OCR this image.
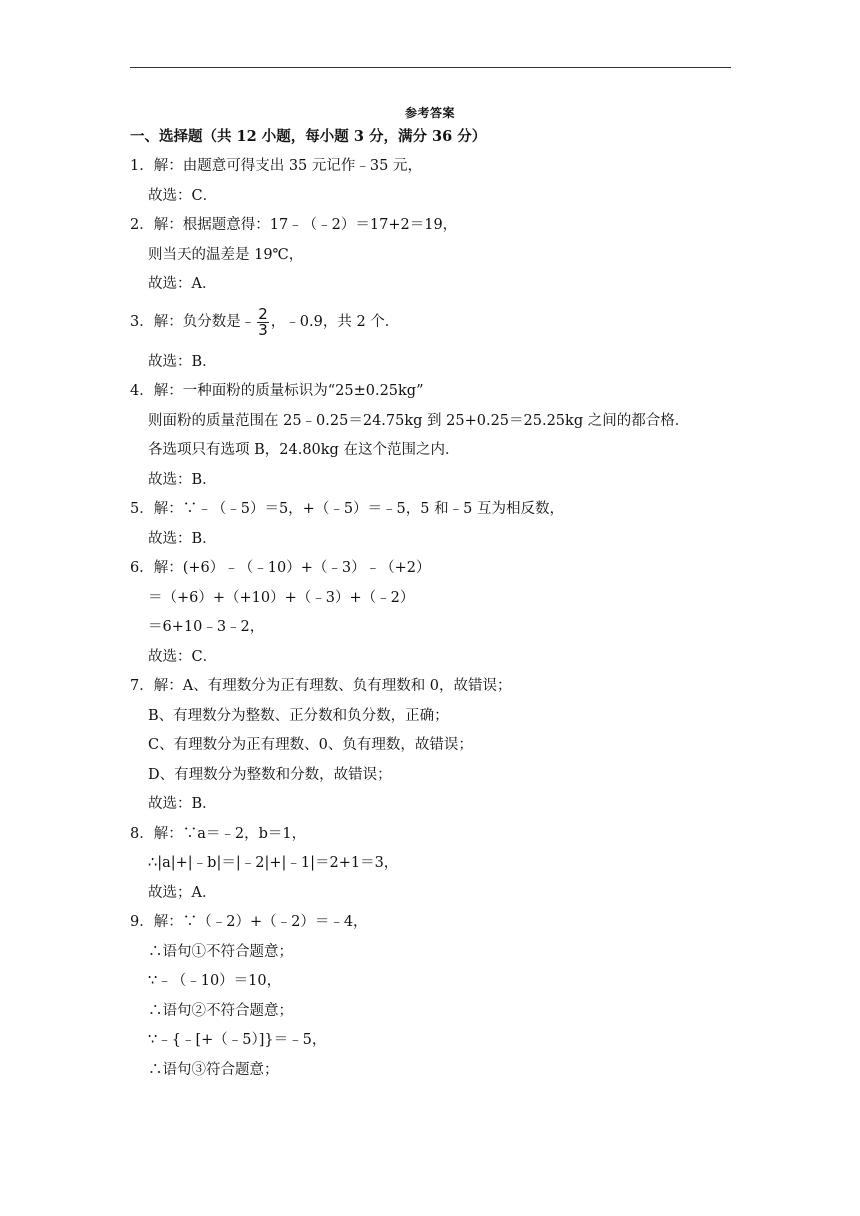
参考答案
一、选择题（共 12 小题，每小题 3 分，满分 36 分）
1．解：由题意可得支出 35 元记作﹣35 元，
故选：C．
2．解：根据题意得：17﹣（﹣2）＝17+2＝19，
则当天的温差是 19℃，
故选：A．
3．解：负分数是﹣ $\frac{2}{3}$ ，﹣0.9，共 2 个．
故选：B．
4．解：一种面粉的质量标识为“25±0.25kg”
则面粉的质量范围在 25﹣0.25＝24.75kg 到 25+0.25＝25.25kg 之间的都合格．
各选项只有选项 B，24.80kg 在这个范围之内．
故选：B．
5．解：∵﹣（﹣5）＝5，+（﹣5）＝﹣5，5 和﹣5 互为相反数，
故选：B．
6．解：(+6）﹣（﹣10）+（﹣3）﹣（+2）
＝（+6）+（+10）+（﹣3）+（﹣2）
＝6+10﹣3﹣2，
故选：C．
7．解：A、有理数分为正有理数、负有理数和 0，故错误；
B、有理数分为整数、正分数和负分数，正确；
C、有理数分为正有理数、0、负有理数，故错误；
D、有理数分为整数和分数，故错误；
故选：B．
8．解：∵a＝﹣2，b＝1，
∴|a|+|﹣b|＝|﹣2|+|﹣1|＝2+1＝3，
故选；A．
9．解：∵（﹣2）+（﹣2）＝﹣4，
∴语句①不符合题意；
∵﹣（﹣10）＝10，
∴语句②不符合题意；
∵﹣{﹣[+（﹣5）]}＝﹣5，
∴语句③符合题意；
